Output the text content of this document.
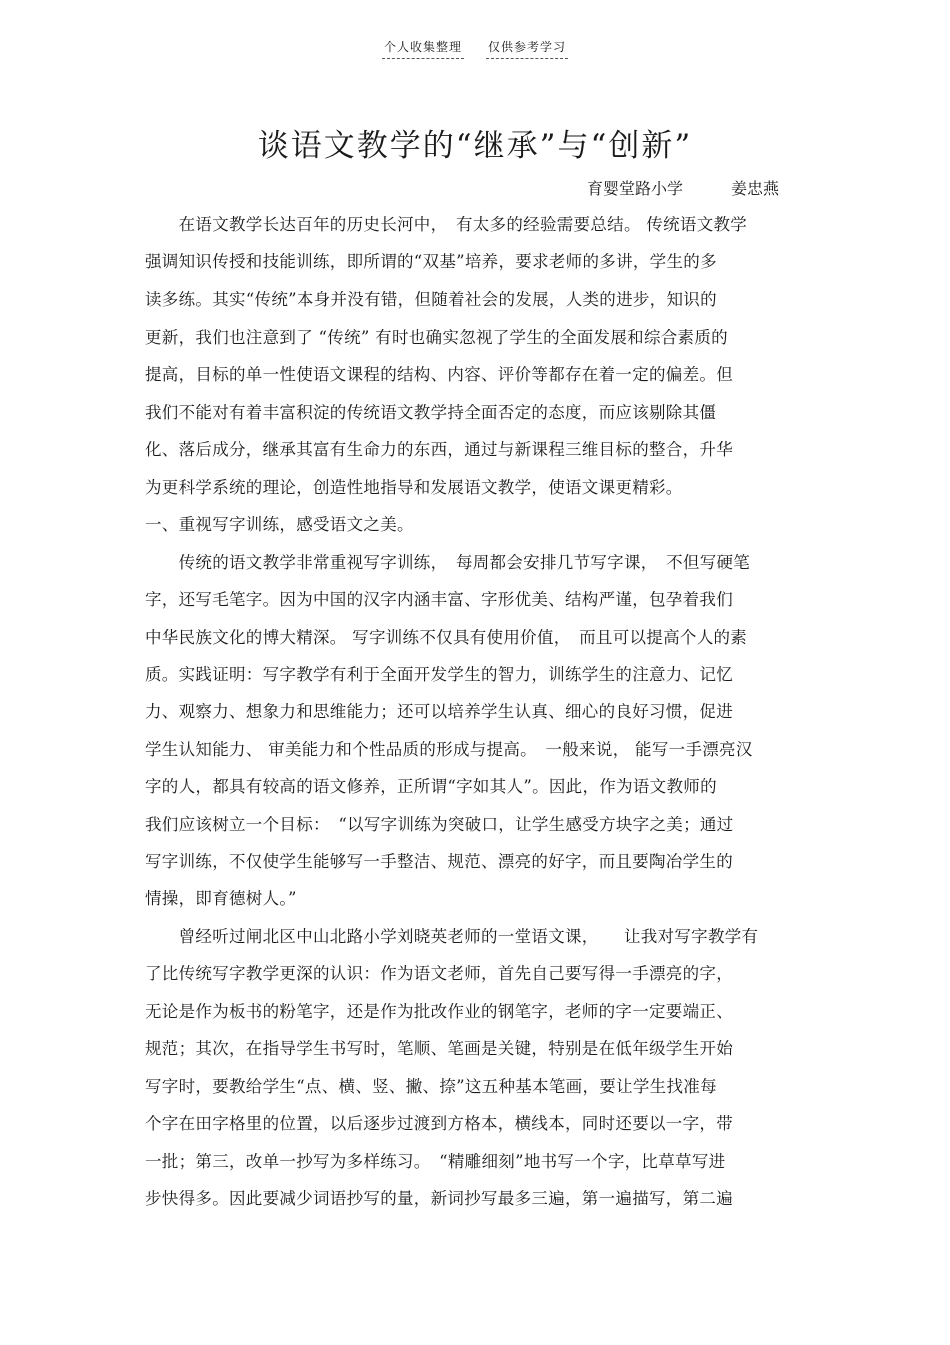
个人收集整理 仅供参考学习
谈语文教学的“继承”与“创新”
育婴堂路小学	姜忠燕
　　在语文教学长达百年的历史长河中，　有太多的经验需要总结。 传统语文教学
强调知识传授和技能训练，即所谓的“双基”培养，要求老师的多讲，学生的多
读多练。其实“传统”本身并没有错，但随着社会的发展，人类的进步，知识的
更新，我们也注意到了 “传统” 有时也确实忽视了学生的全面发展和综合素质的
提高，目标的单一性使语文课程的结构、内容、评价等都存在着一定的偏差。但
我们不能对有着丰富积淀的传统语文教学持全面否定的态度，而应该剔除其僵
化、落后成分，继承其富有生命力的东西，通过与新课程三维目标的整合，升华
为更科学系统的理论，创造性地指导和发展语文教学，使语文课更精彩。
一、重视写字训练，感受语文之美。
　　传统的语文教学非常重视写字训练，　每周都会安排几节写字课，　不但写硬笔
字，还写毛笔字。因为中国的汉字内涵丰富、字形优美、结构严谨，包孕着我们
中华民族文化的博大精深。 写字训练不仅具有使用价值，　而且可以提高个人的素
质。实践证明：写字教学有利于全面开发学生的智力，训练学生的注意力、记忆
力、观察力、想象力和思维能力；还可以培养学生认真、细心的良好习惯，促进
学生认知能力、 审美能力和个性品质的形成与提高。　一般来说， 能写一手漂亮汉
字的人，都具有较高的语文修养，正所谓“字如其人”。因此，作为语文教师的
我们应该树立一个目标：　“以写字训练为突破口，让学生感受方块字之美；通过
写字训练，不仅使学生能够写一手整洁、规范、漂亮的好字，而且要陶冶学生的
情操，即育德树人。”
　　曾经听过闸北区中山北路小学刘晓英老师的一堂语文课，　　让我对写字教学有
了比传统写字教学更深的认识：作为语文老师，首先自己要写得一手漂亮的字，
无论是作为板书的粉笔字，还是作为批改作业的钢笔字，老师的字一定要端正、
规范；其次，在指导学生书写时，笔顺、笔画是关键，特别是在低年级学生开始
写字时，要教给学生“点、横、竖、撇、捺”这五种基本笔画，要让学生找准每
个字在田字格里的位置，以后逐步过渡到方格本，横线本，同时还要以一字，带
一批；第三，改单一抄写为多样练习。　“精雕细刻”地书写一个字，比草草写进
步快得多。因此要减少词语抄写的量，新词抄写最多三遍，第一遍描写，第二遍
